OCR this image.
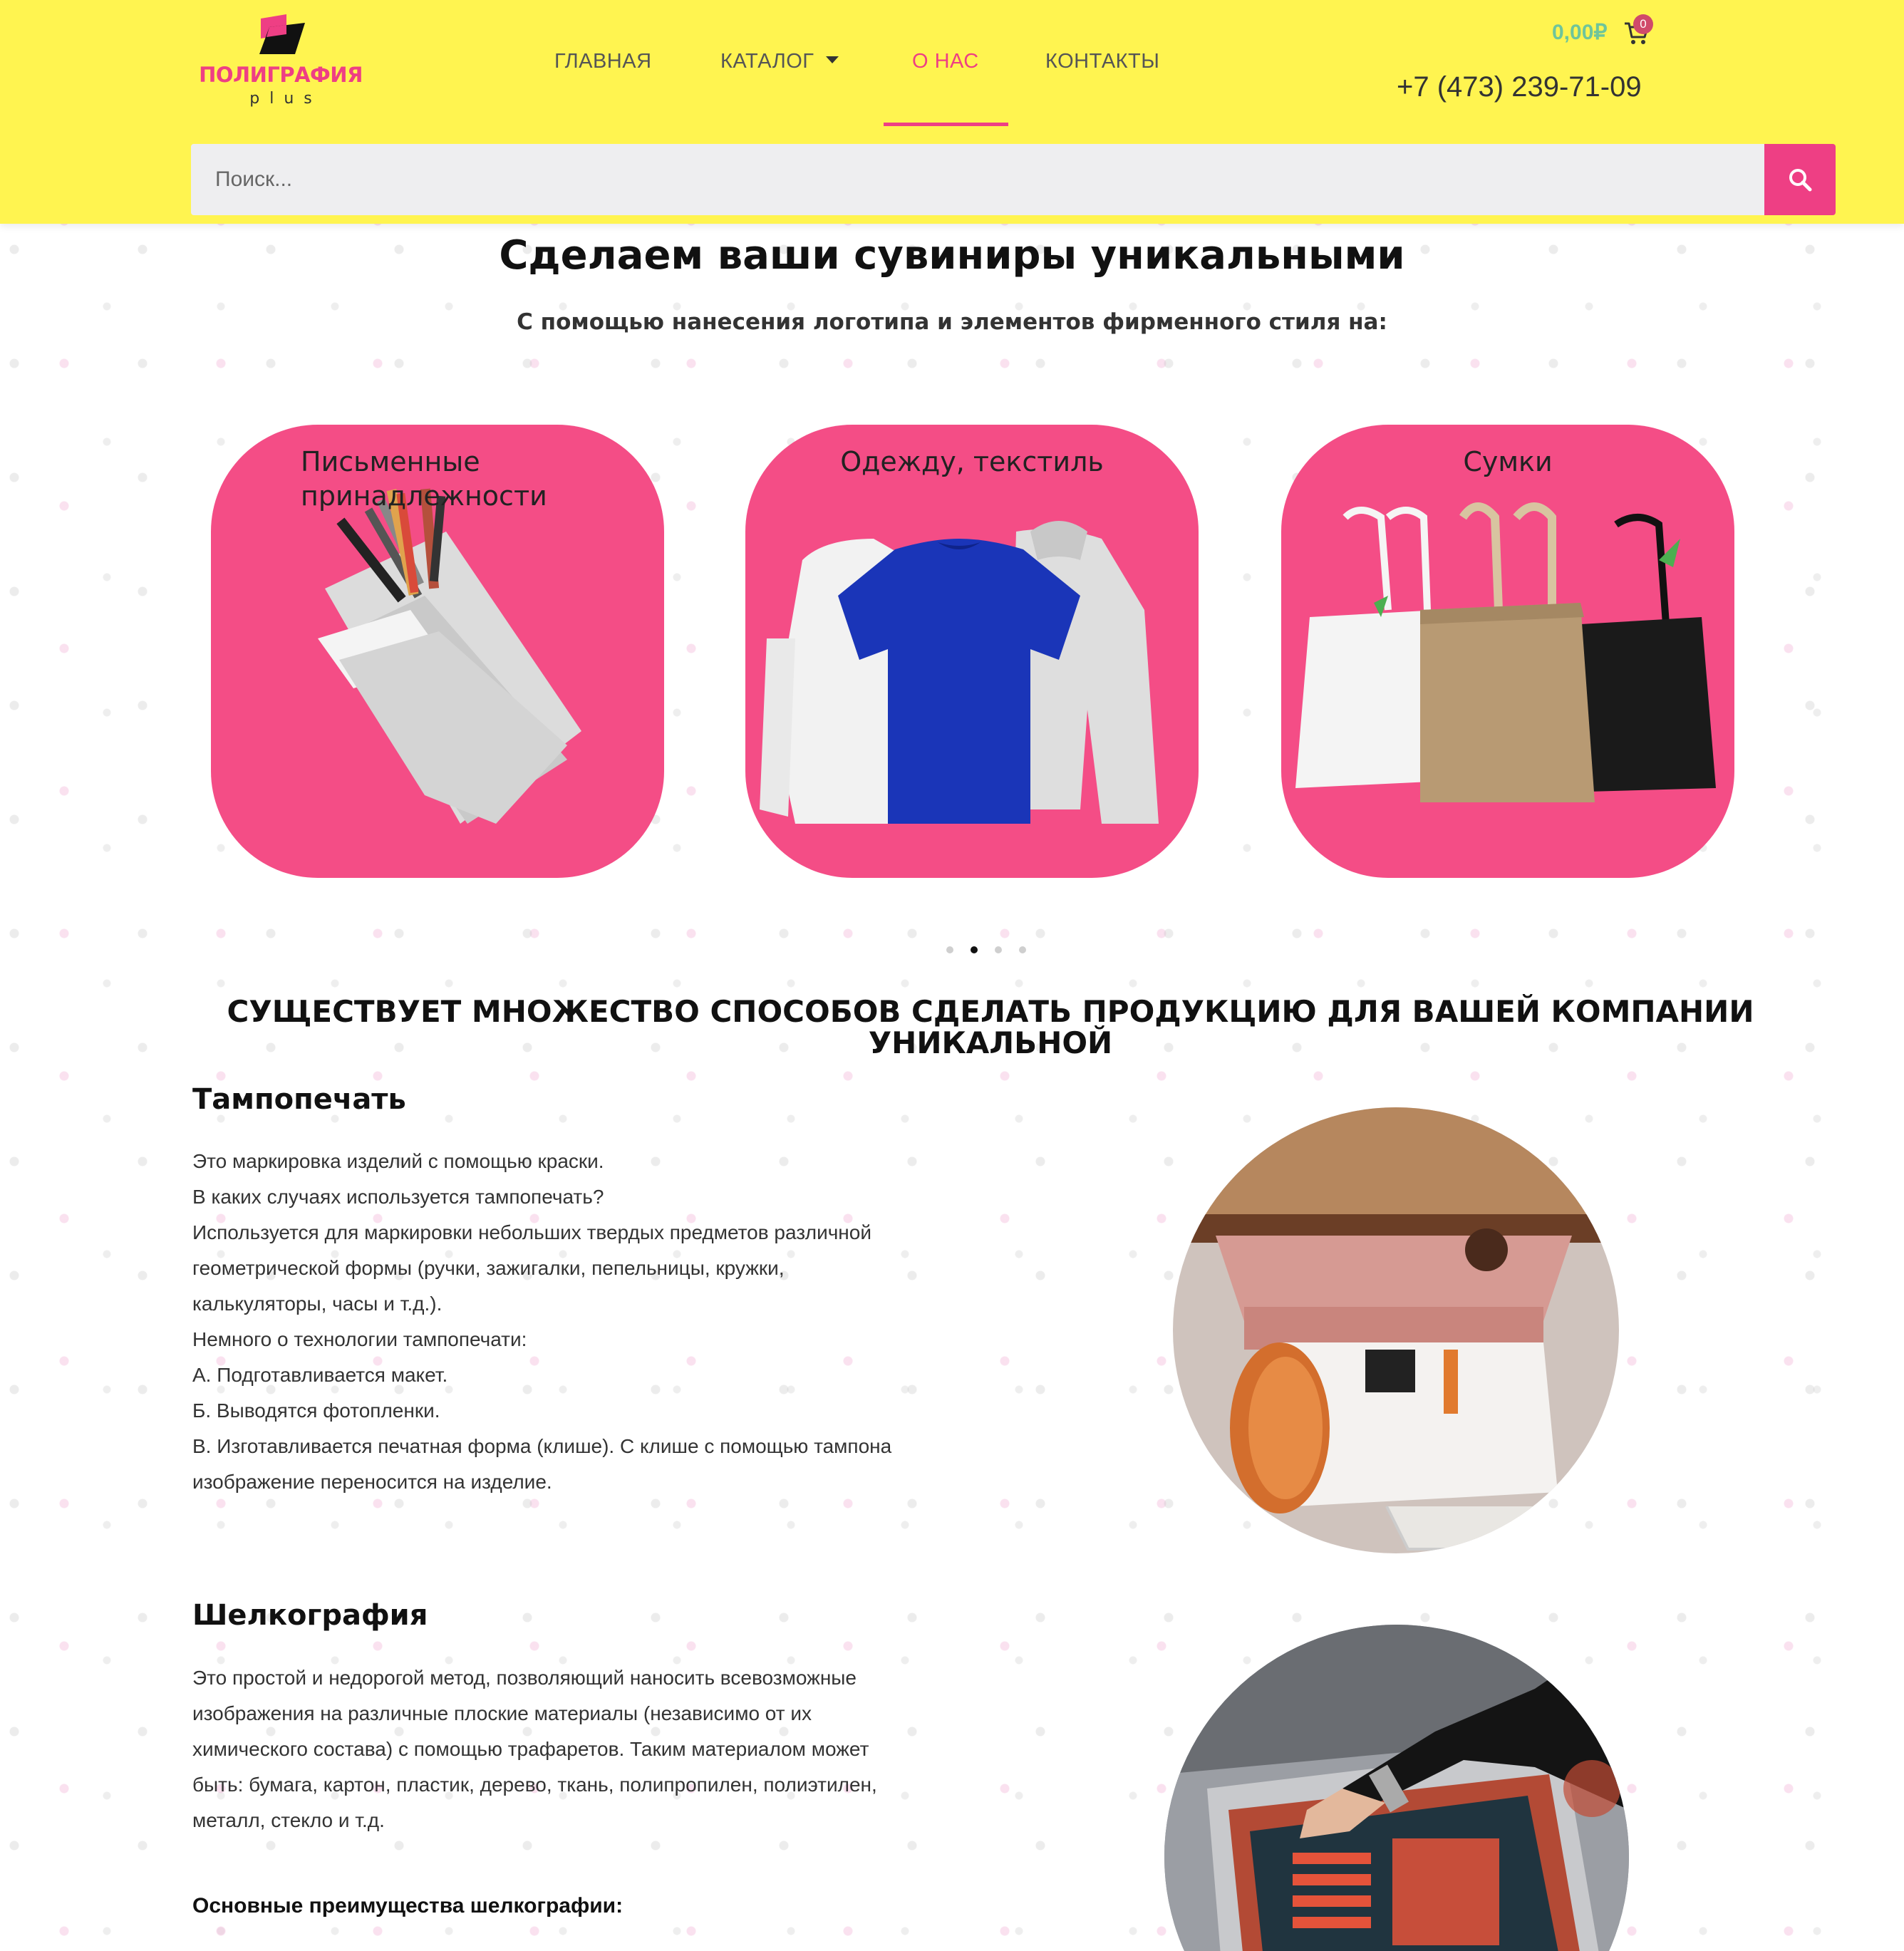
ПОЛИГРАФИЯ
plus
ГЛАВНАЯ	КАТАЛОГ	О НАС	КОНТАКТЫ
0,00₽	0
+7 (473) 239-71-09
Поиск...
Сделаем ваши сувиниры уникальными

С помощью нанесения логотипа и элементов фирменного стиля на:

Письменные
принадлежности
Одежду, текстиль	Сумки
СУЩЕСТВУЕТ МНОЖЕСТВО СПОСОБОВ СДЕЛАТЬ ПРОДУКЦИЮ ДЛЯ ВАШЕЙ КОМПАНИИ
УНИКАЛЬНОЙ
Тампопечать

Это маркировка изделий с помощью краски.

В каких случаях используется тампопечать?

Используется для маркировки небольших твердых предметов различной

геометрической формы (ручки, зажигалки, пепельницы, кружки,

калькуляторы, часы и т.д.).

Немного о технологии тампопечати:

А. Подготавливается макет.

Б. Выводятся фотопленки.

В. Изготавливается печатная форма (клише). С клише с помощью тампона

изображение переносится на изделие.

Шелкография

Это простой и недорогой метод, позволяющий наносить всевозможные

изображения на различные плоские материалы (независимо от их

химического состава) с помощью трафаретов. Таким материалом может

быть: бумага, картон, пластик, дерево, ткань, полипропилен, полиэтилен,

металл, стекло и т.д.

Основные преимущества шелкографии:
